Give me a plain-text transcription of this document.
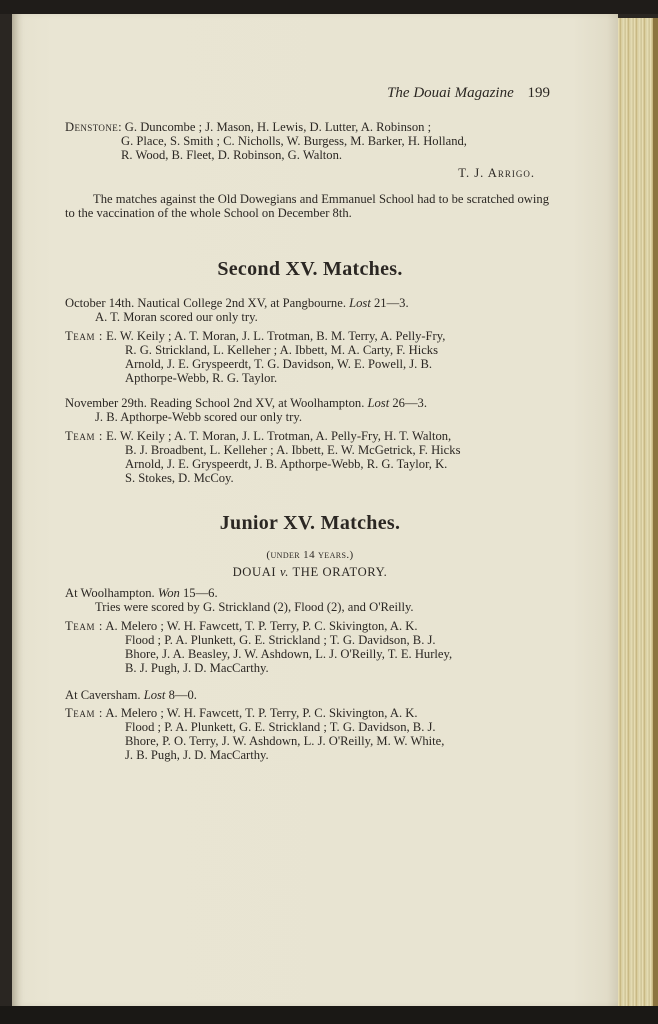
The Douai Magazine 199
Denstone: G. Duncombe ; J. Mason, H. Lewis, D. Lutter, A. Robinson ;
G. Place, S. Smith ; C. Nicholls, W. Burgess, M. Barker, H. Holland,
R. Wood, B. Fleet, D. Robinson, G. Walton.
T. J. Arrigo.
The matches against the Old Dowegians and Emmanuel School had to be scratched owing to the vaccination of the whole School on December 8th.
Second XV. Matches.
October 14th. Nautical College 2nd XV, at Pangbourne. Lost 21—3.
A. T. Moran scored our only try.
Team : E. W. Keily ; A. T. Moran, J. L. Trotman, B. M. Terry, A. Pelly-Fry,
R. G. Strickland, L. Kelleher ; A. Ibbett, M. A. Carty, F. Hicks
Arnold, J. E. Gryspeerdt, T. G. Davidson, W. E. Powell, J. B.
Apthorpe-Webb, R. G. Taylor.
November 29th. Reading School 2nd XV, at Woolhampton. Lost 26—3.
J. B. Apthorpe-Webb scored our only try.
Team : E. W. Keily ; A. T. Moran, J. L. Trotman, A. Pelly-Fry, H. T. Walton,
B. J. Broadbent, L. Kelleher ; A. Ibbett, E. W. McGetrick, F. Hicks
Arnold, J. E. Gryspeerdt, J. B. Apthorpe-Webb, R. G. Taylor, K.
S. Stokes, D. McCoy.
Junior XV. Matches.
(under 14 years.)
DOUAI v. THE ORATORY.
At Woolhampton. Won 15—6.
Tries were scored by G. Strickland (2), Flood (2), and O'Reilly.
Team : A. Melero ; W. H. Fawcett, T. P. Terry, P. C. Skivington, A. K.
Flood ; P. A. Plunkett, G. E. Strickland ; T. G. Davidson, B. J.
Bhore, J. A. Beasley, J. W. Ashdown, L. J. O'Reilly, T. E. Hurley,
B. J. Pugh, J. D. MacCarthy.
At Caversham. Lost 8—0.
Team : A. Melero ; W. H. Fawcett, T. P. Terry, P. C. Skivington, A. K.
Flood ; P. A. Plunkett, G. E. Strickland ; T. G. Davidson, B. J.
Bhore, P. O. Terry, J. W. Ashdown, L. J. O'Reilly, M. W. White,
J. B. Pugh, J. D. MacCarthy.
